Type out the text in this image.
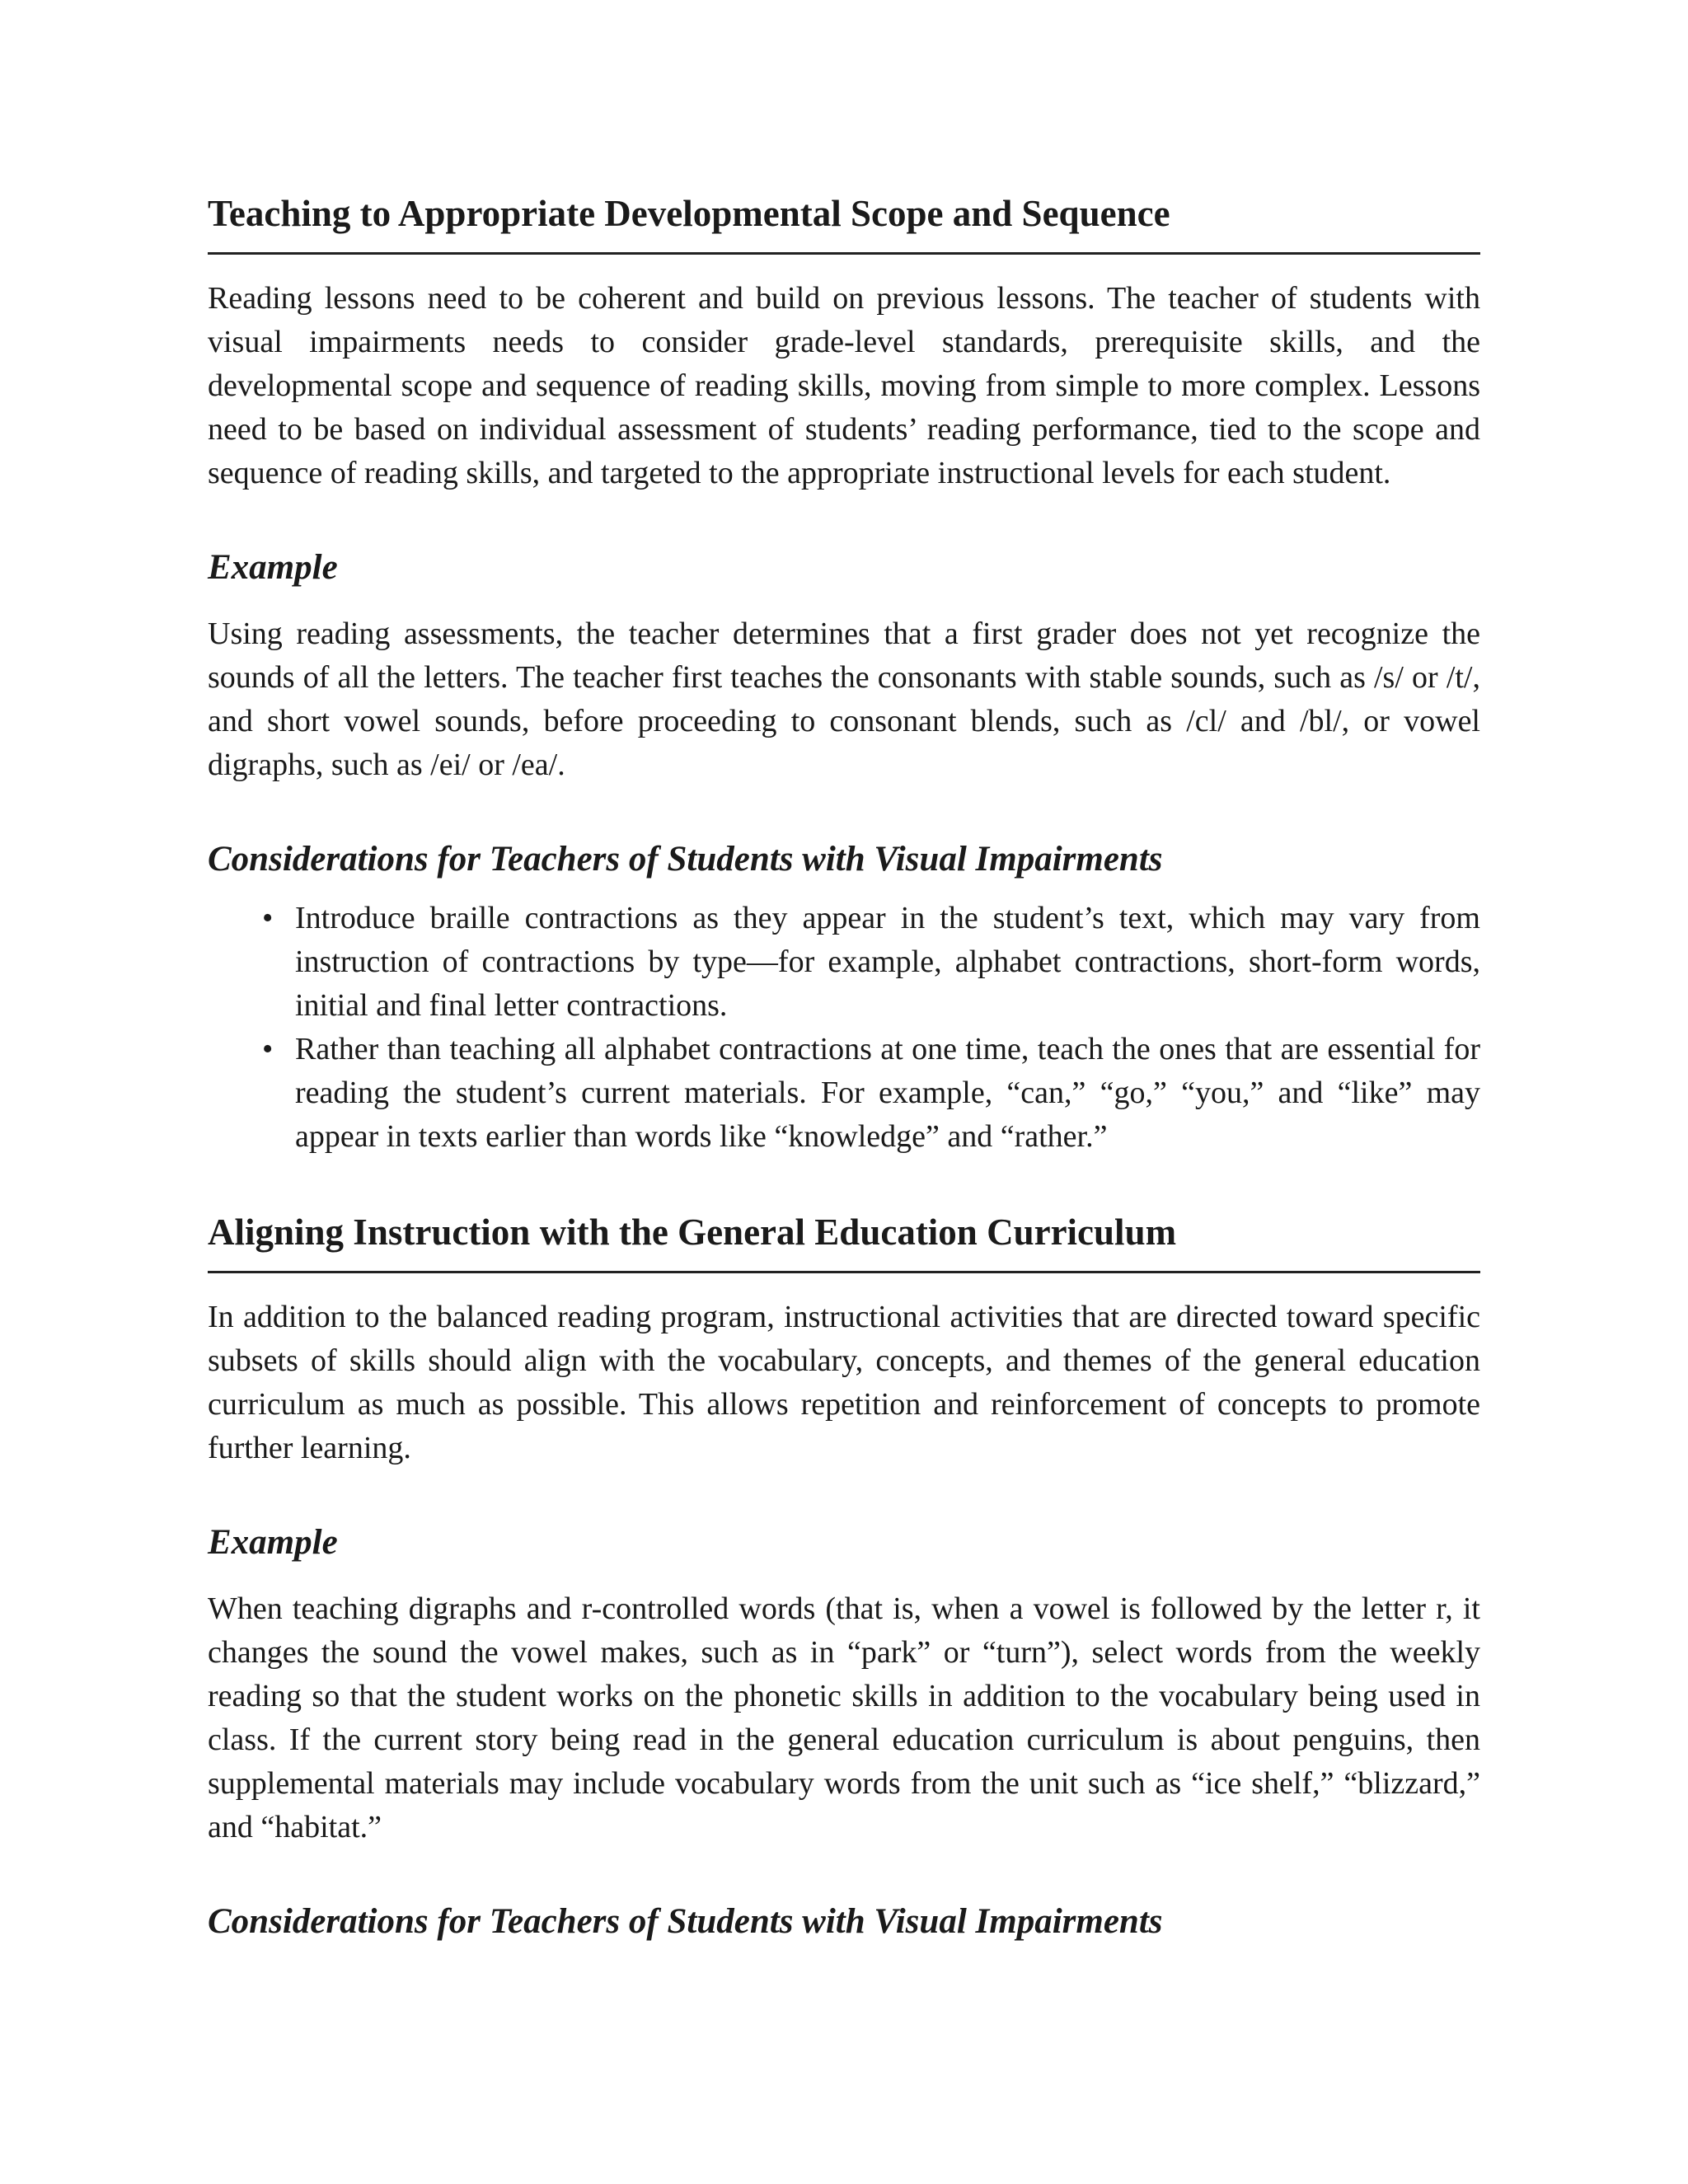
Teaching to Appropriate Developmental Scope and Sequence

Reading lessons need to be coherent and build on previous lessons. The teacher of students with visual impairments needs to consider grade-level standards, prerequisite skills, and the developmental scope and sequence of reading skills, moving from simple to more complex. Lessons need to be based on individual assessment of students’ reading performance, tied to the scope and sequence of reading skills, and targeted to the appropriate instructional levels for each student.

Example

Using reading assessments, the teacher determines that a first grader does not yet recognize the sounds of all the letters. The teacher first teaches the consonants with stable sounds, such as /s/ or /t/, and short vowel sounds, before proceeding to consonant blends, such as /cl/ and /bl/, or vowel digraphs, such as /ei/ or /ea/.

Considerations for Teachers of Students with Visual Impairments
• Introduce braille contractions as they appear in the student’s text, which may vary from instruction of contractions by type—for example, alphabet contractions, short-form words, initial and final letter contractions.
• Rather than teaching all alphabet contractions at one time, teach the ones that are essential for reading the student’s current materials. For example, “can,” “go,” “you,” and “like” may appear in texts earlier than words like “knowledge” and “rather.”
Aligning Instruction with the General Education Curriculum

In addition to the balanced reading program, instructional activities that are directed toward specific subsets of skills should align with the vocabulary, concepts, and themes of the general education curriculum as much as possible. This allows repetition and reinforcement of concepts to promote further learning.

Example

When teaching digraphs and r-controlled words (that is, when a vowel is followed by the letter r, it changes the sound the vowel makes, such as in “park” or “turn”), select words from the weekly reading so that the student works on the phonetic skills in addition to the vocabulary being used in class. If the current story being read in the general education curriculum is about penguins, then supplemental materials may include vocabulary words from the unit such as “ice shelf,” “blizzard,” and “habitat.”

Considerations for Teachers of Students with Visual Impairments
